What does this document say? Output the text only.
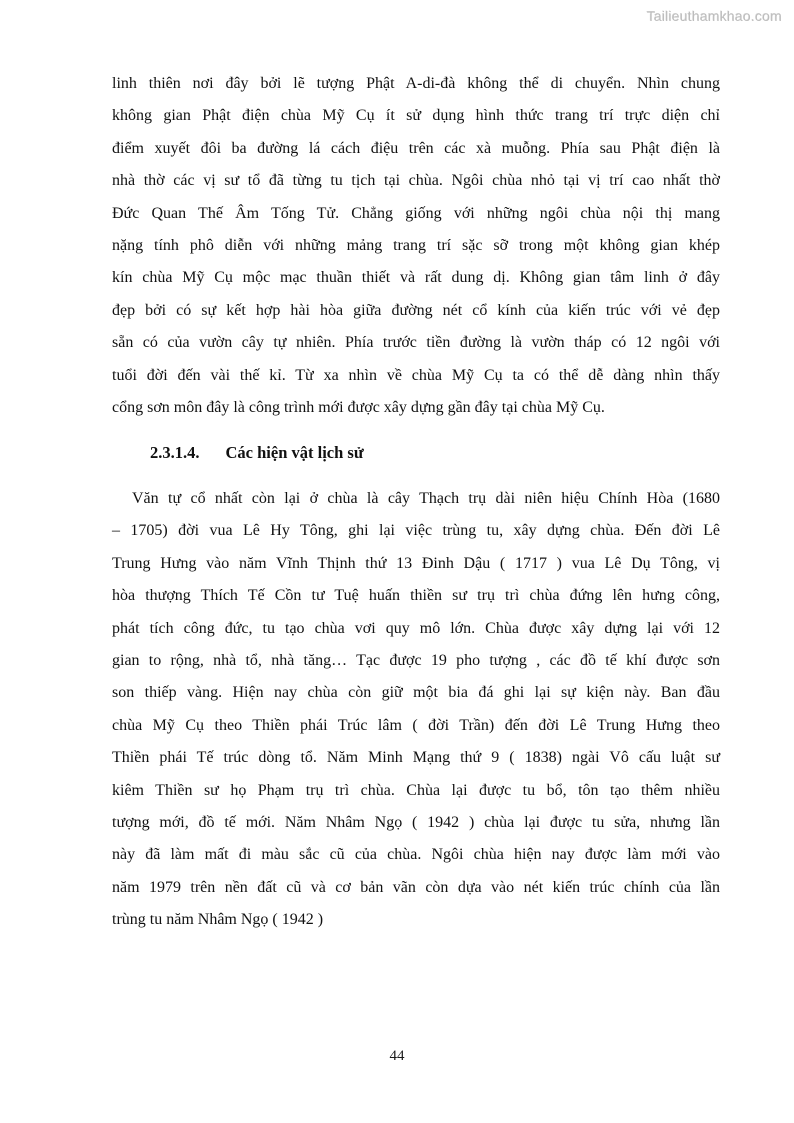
Tailieuthamkhao.com
linh thiên nơi đây bởi lẽ tượng Phật A-di-đà không thể di chuyển. Nhìn chung
không gian Phật điện chùa Mỹ Cụ ít sử dụng hình thức trang trí trực diện chỉ
điểm xuyết đôi ba đường lá cách điệu trên các xà muỗng. Phía sau Phật điện là
nhà thờ các vị sư tổ đã từng tu tịch tại chùa. Ngôi chùa nhỏ tại vị trí cao nhất thờ
Đức Quan Thế Âm Tống Tử. Chẳng giống với những ngôi chùa nội thị mang
nặng tính phô diễn với những mảng trang trí sặc sỡ trong một không gian khép
kín chùa Mỹ Cụ mộc mạc thuần thiết và rất dung dị. Không gian tâm linh ở đây
đẹp bởi có sự kết hợp hài hòa giữa đường nét cổ kính của kiến trúc với vẻ đẹp
sẵn có của vườn cây tự nhiên. Phía trước tiền đường là vườn tháp có 12 ngôi với
tuổi đời đến vài thế kỉ. Từ xa nhìn về chùa Mỹ Cụ ta có thể dễ dàng nhìn thấy
cổng sơn môn đây là công trình mới được xây dựng gần đây tại chùa Mỹ Cụ.
2.3.1.4. Các hiện vật lịch sử
Văn tự cổ nhất còn lại ở chùa là cây Thạch trụ dài niên hiệu Chính Hòa (1680
– 1705) đời vua Lê Hy Tông, ghi lại việc trùng tu, xây dựng chùa. Đến đời Lê
Trung Hưng vào năm Vĩnh Thịnh thứ 13 Đinh Dậu ( 1717 ) vua Lê Dụ Tông, vị
hòa thượng Thích Tế Cồn tư Tuệ huấn thiền sư trụ trì chùa đứng lên hưng công,
phát tích công đức, tu tạo chùa vơi quy mô lớn. Chùa được xây dựng lại với 12
gian to rộng, nhà tổ, nhà tăng… Tạc được 19 pho tượng , các đồ tế khí được sơn
son thiếp vàng. Hiện nay chùa còn giữ một bia đá ghi lại sự kiện này. Ban đầu
chùa Mỹ Cụ theo Thiền phái Trúc lâm ( đời Trần) đến đời Lê Trung Hưng theo
Thiền phái Tế trúc dòng tổ. Năm Minh Mạng thứ 9 ( 1838) ngài Vô cấu luật sư
kiêm Thiền sư họ Phạm trụ trì chùa. Chùa lại được tu bổ, tôn tạo thêm nhiều
tượng mới, đồ tế mới. Năm Nhâm Ngọ ( 1942 ) chùa lại được tu sửa, nhưng lần
này đã làm mất đi màu sắc cũ của chùa. Ngôi chùa hiện nay được làm mới vào
năm 1979 trên nền đất cũ và cơ bản vãn còn dựa vào nét kiến trúc chính của lần
trùng tu năm Nhâm Ngọ ( 1942 )
44
